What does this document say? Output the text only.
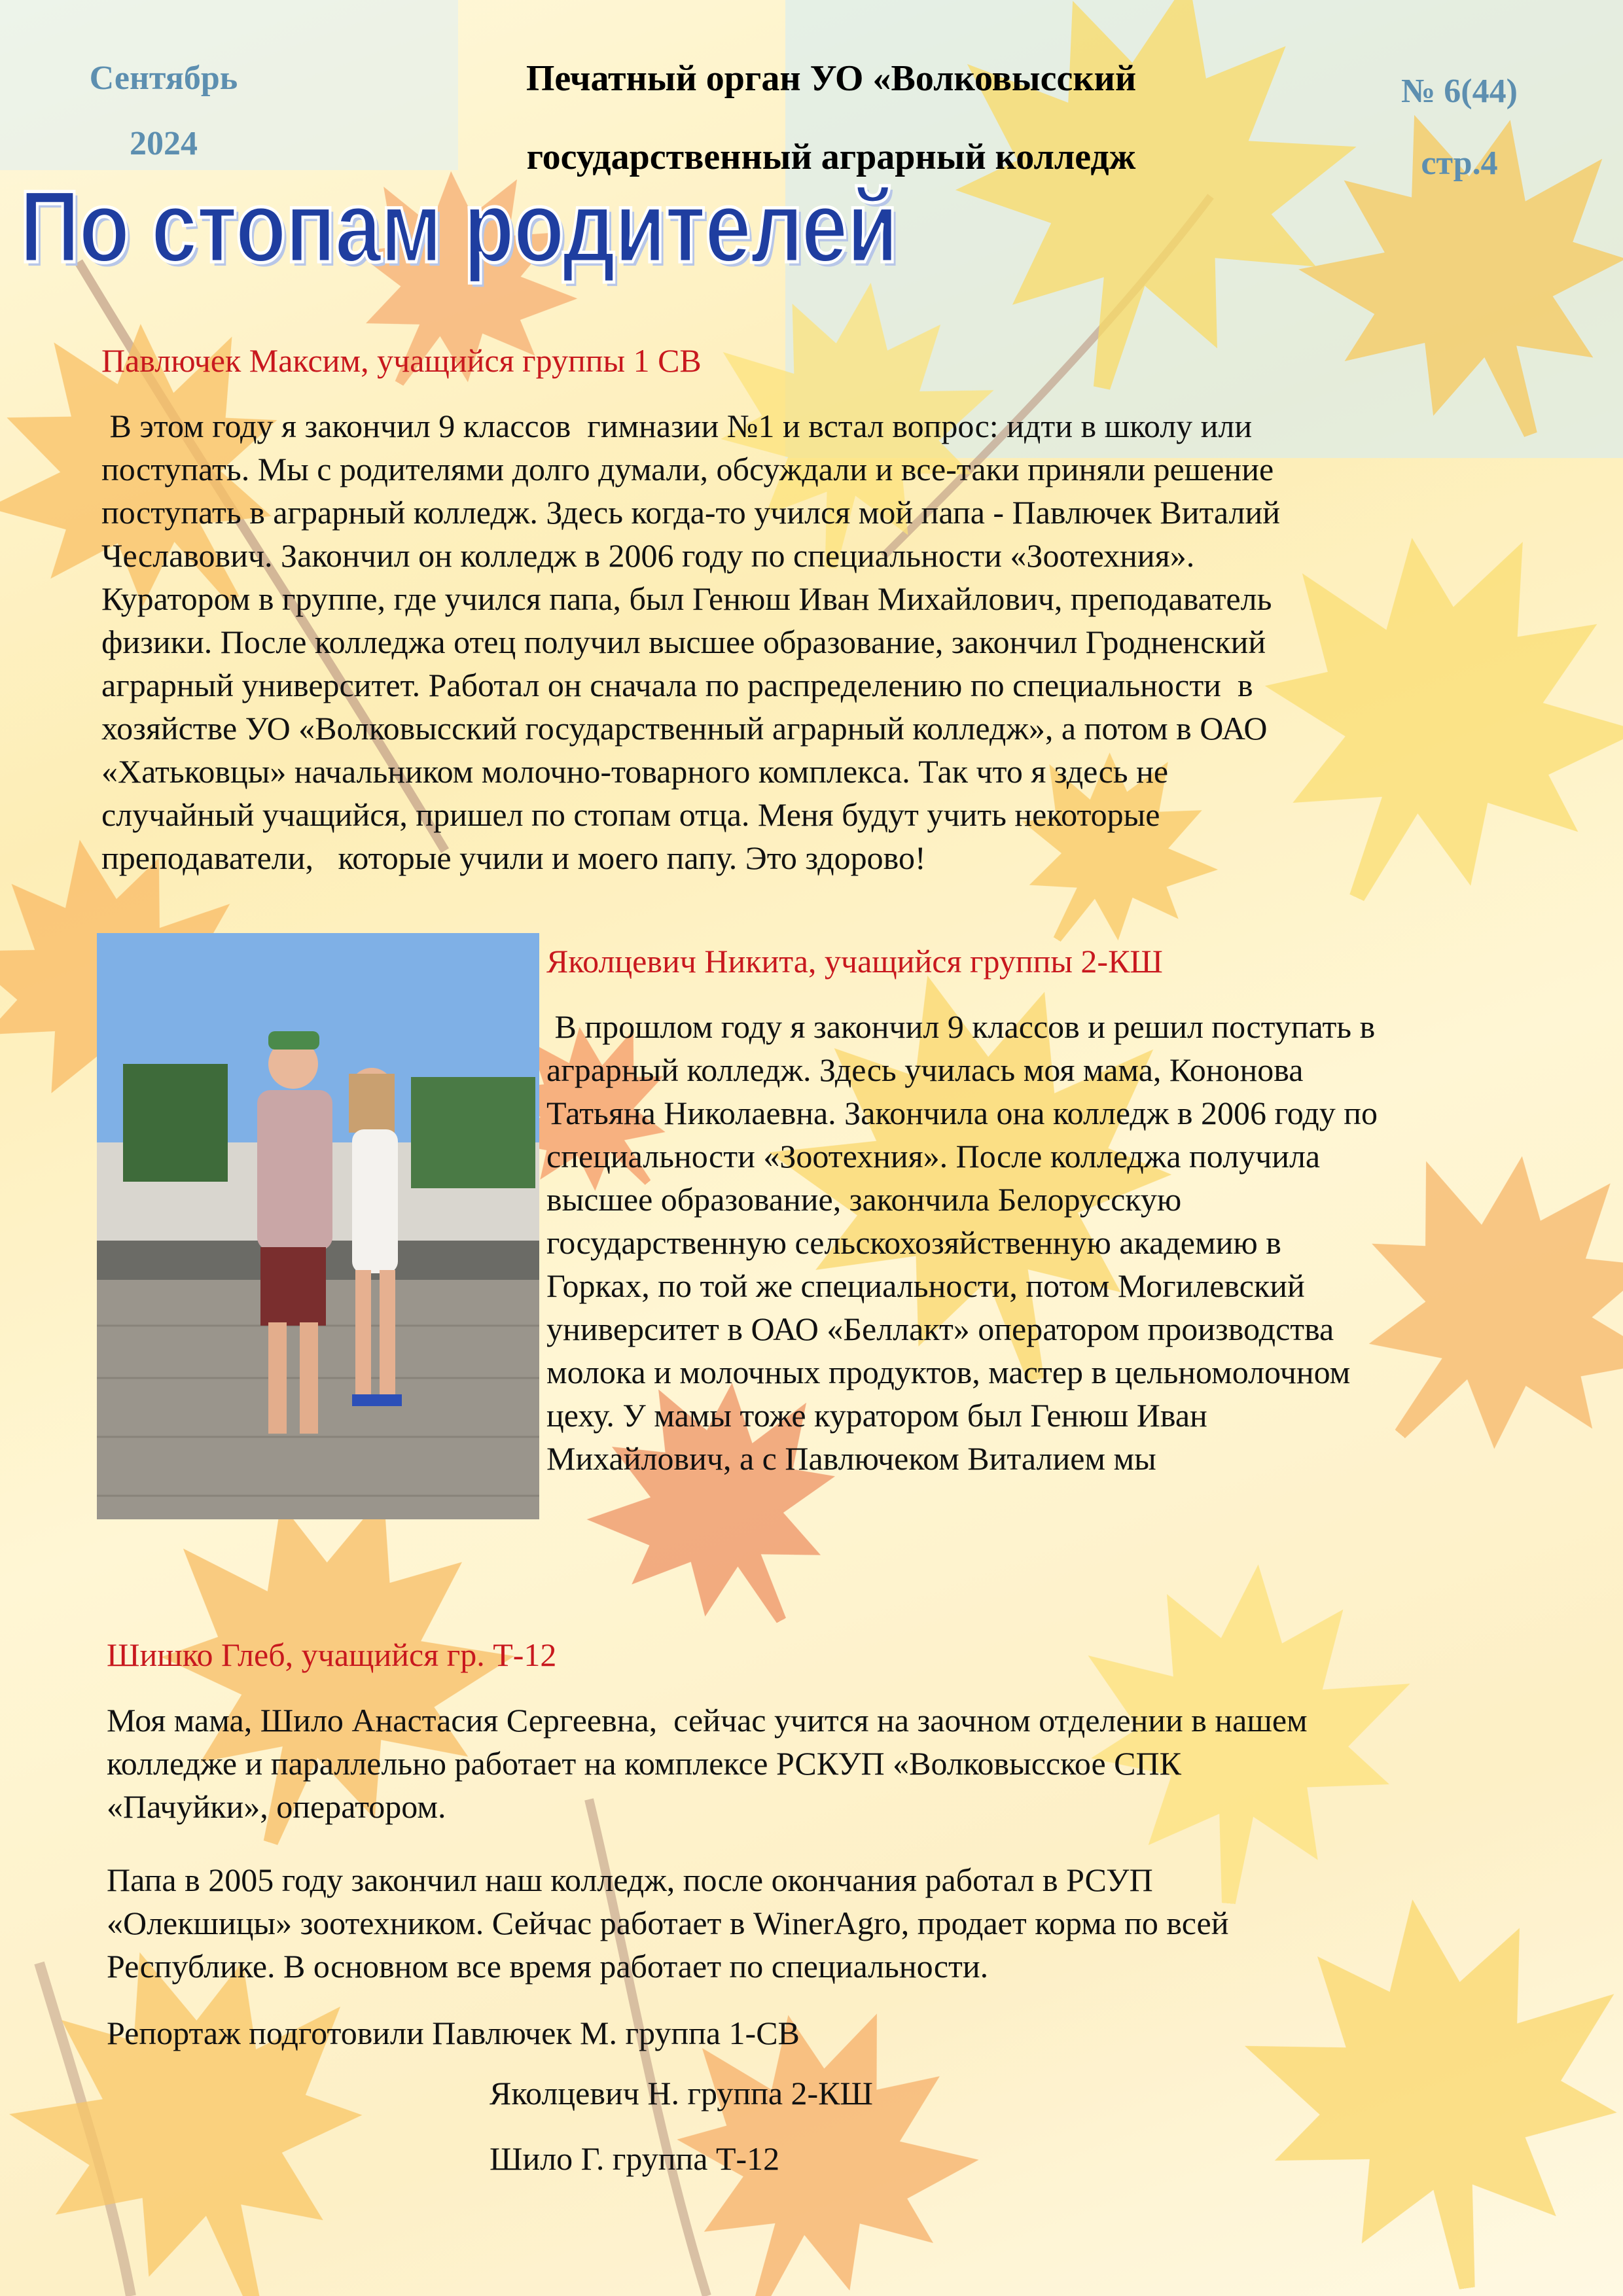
Сентябрь
2024
Печатный орган УО «Волковысский
государственный аграрный колледж
№ 6(44)
стр.4
По стопам родителей
Павлючек Максим, учащийся группы 1 СВ
В этом году я закончил 9 классов  гимназии №1 и встал вопрос: идти в школу или
поступать. Мы с родителями долго думали, обсуждали и все-таки приняли решение
поступать в аграрный колледж. Здесь когда-то учился мой папа - Павлючек Виталий
Чеславович. Закончил он колледж в 2006 году по специальности «Зоотехния».
Куратором в группе, где учился папа, был Генюш Иван Михайлович, преподаватель
физики. После колледжа отец получил высшее образование, закончил Гродненский
аграрный университет. Работал он сначала по распределению по специальности  в
хозяйстве УО «Волковысский государственный аграрный колледж», а потом в ОАО
«Хатьковцы» начальником молочно-товарного комплекса. Так что я здесь не
случайный учащийся, пришел по стопам отца. Меня будут учить некоторые
преподаватели,   которые учили и моего папу. Это здорово!
Яколцевич Никита, учащийся группы 2-КШ
В прошлом году я закончил 9 классов и решил поступать в
аграрный колледж. Здесь училась моя мама, Кононова
Татьяна Николаевна. Закончила она колледж в 2006 году по
специальности «Зоотехния». После колледжа получила
высшее образование, закончила Белорусскую
государственную сельскохозяйственную академию в
Горках, по той же специальности, потом Могилевский
университет в ОАО «Беллакт» оператором производства
молока и молочных продуктов, мастер в цельномолочном
цеху. У мамы тоже куратором был Генюш Иван
Михайлович, а с Павлючеком Виталием мы
Шишко Глеб, учащийся гр. Т-12
Моя мама, Шило Анастасия Сергеевна,  сейчас учится на заочном отделении в нашем
колледже и параллельно работает на комплексе РСКУП «Волковысское СПК
«Пачуйки», оператором.
Папа в 2005 году закончил наш колледж, после окончания работал в РСУП
«Олекшицы» зоотехником. Сейчас работает в WinerAgro, продает корма по всей
Республике. В основном все время работает по специальности.
Репортаж подготовили Павлючек М. группа 1-СВ
Яколцевич Н. группа 2-КШ
Шило Г. группа Т-12
